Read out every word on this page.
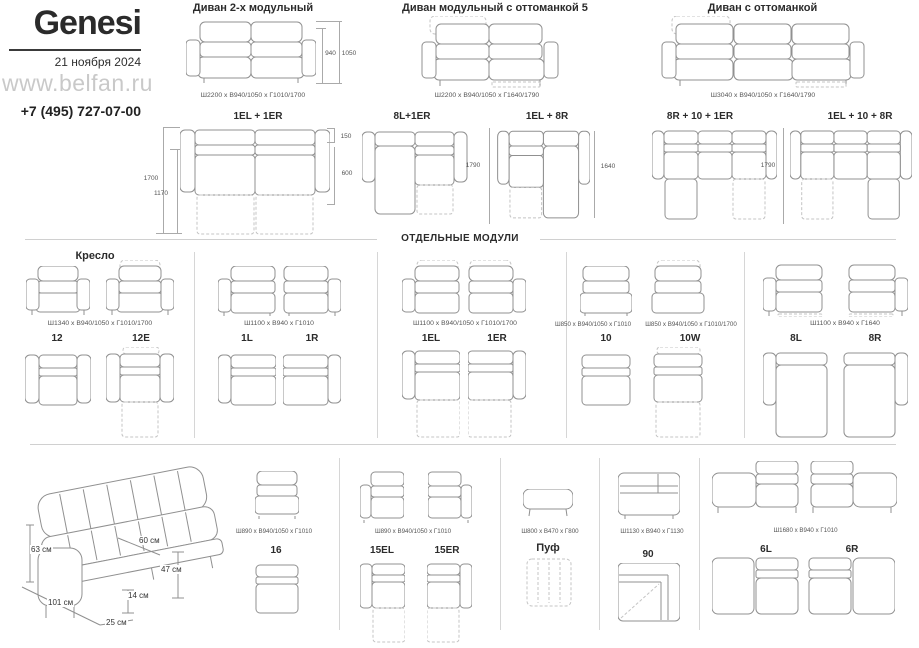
Genesi
21 ноября 2024
www.belfan.ru
+7 (495) 727-07-00
Диван 2-х модульный
Ш2200 x В940/1050 x Г1010/1700
940 1050
Диван модульный с оттоманкой 5
Ш2200 x В940/1050 x Г1640/1790
Диван с оттоманкой
Ш3040 x В940/1050 x Г1640/1790
1EL + 1ER
1700
1170
150
600
8L+1ER	1EL + 8R
1790	1640
8R + 10 + 1ER	1EL + 10 + 8R
1790
ОТДЕЛЬНЫЕ МОДУЛИ
Кресло
Ш1340 x В940/1050 x Г1010/1700
12	12E
Ш1100 x В940 x Г1010
1L	1R
Ш1100 x В940/1050 x Г1010/1700
1EL	1ER
Ш850 x В940/1050 x Г1010	Ш850 x В940/1050 x Г1010/1700
10	10W
Ш1100 x В940 x Г1640
8L	8R
63 см
60 см
47 см
14 см
101 см
25 см
Ш890 x В940/1050 x Г1010
16
Ш890 x В940/1050 x Г1010
15EL	15ER
Ш800 x В470 x Г800
Пуф
Ш1130 x В940 x Г1130
90
Ш1680 x В940 x Г1010
6L	6R
